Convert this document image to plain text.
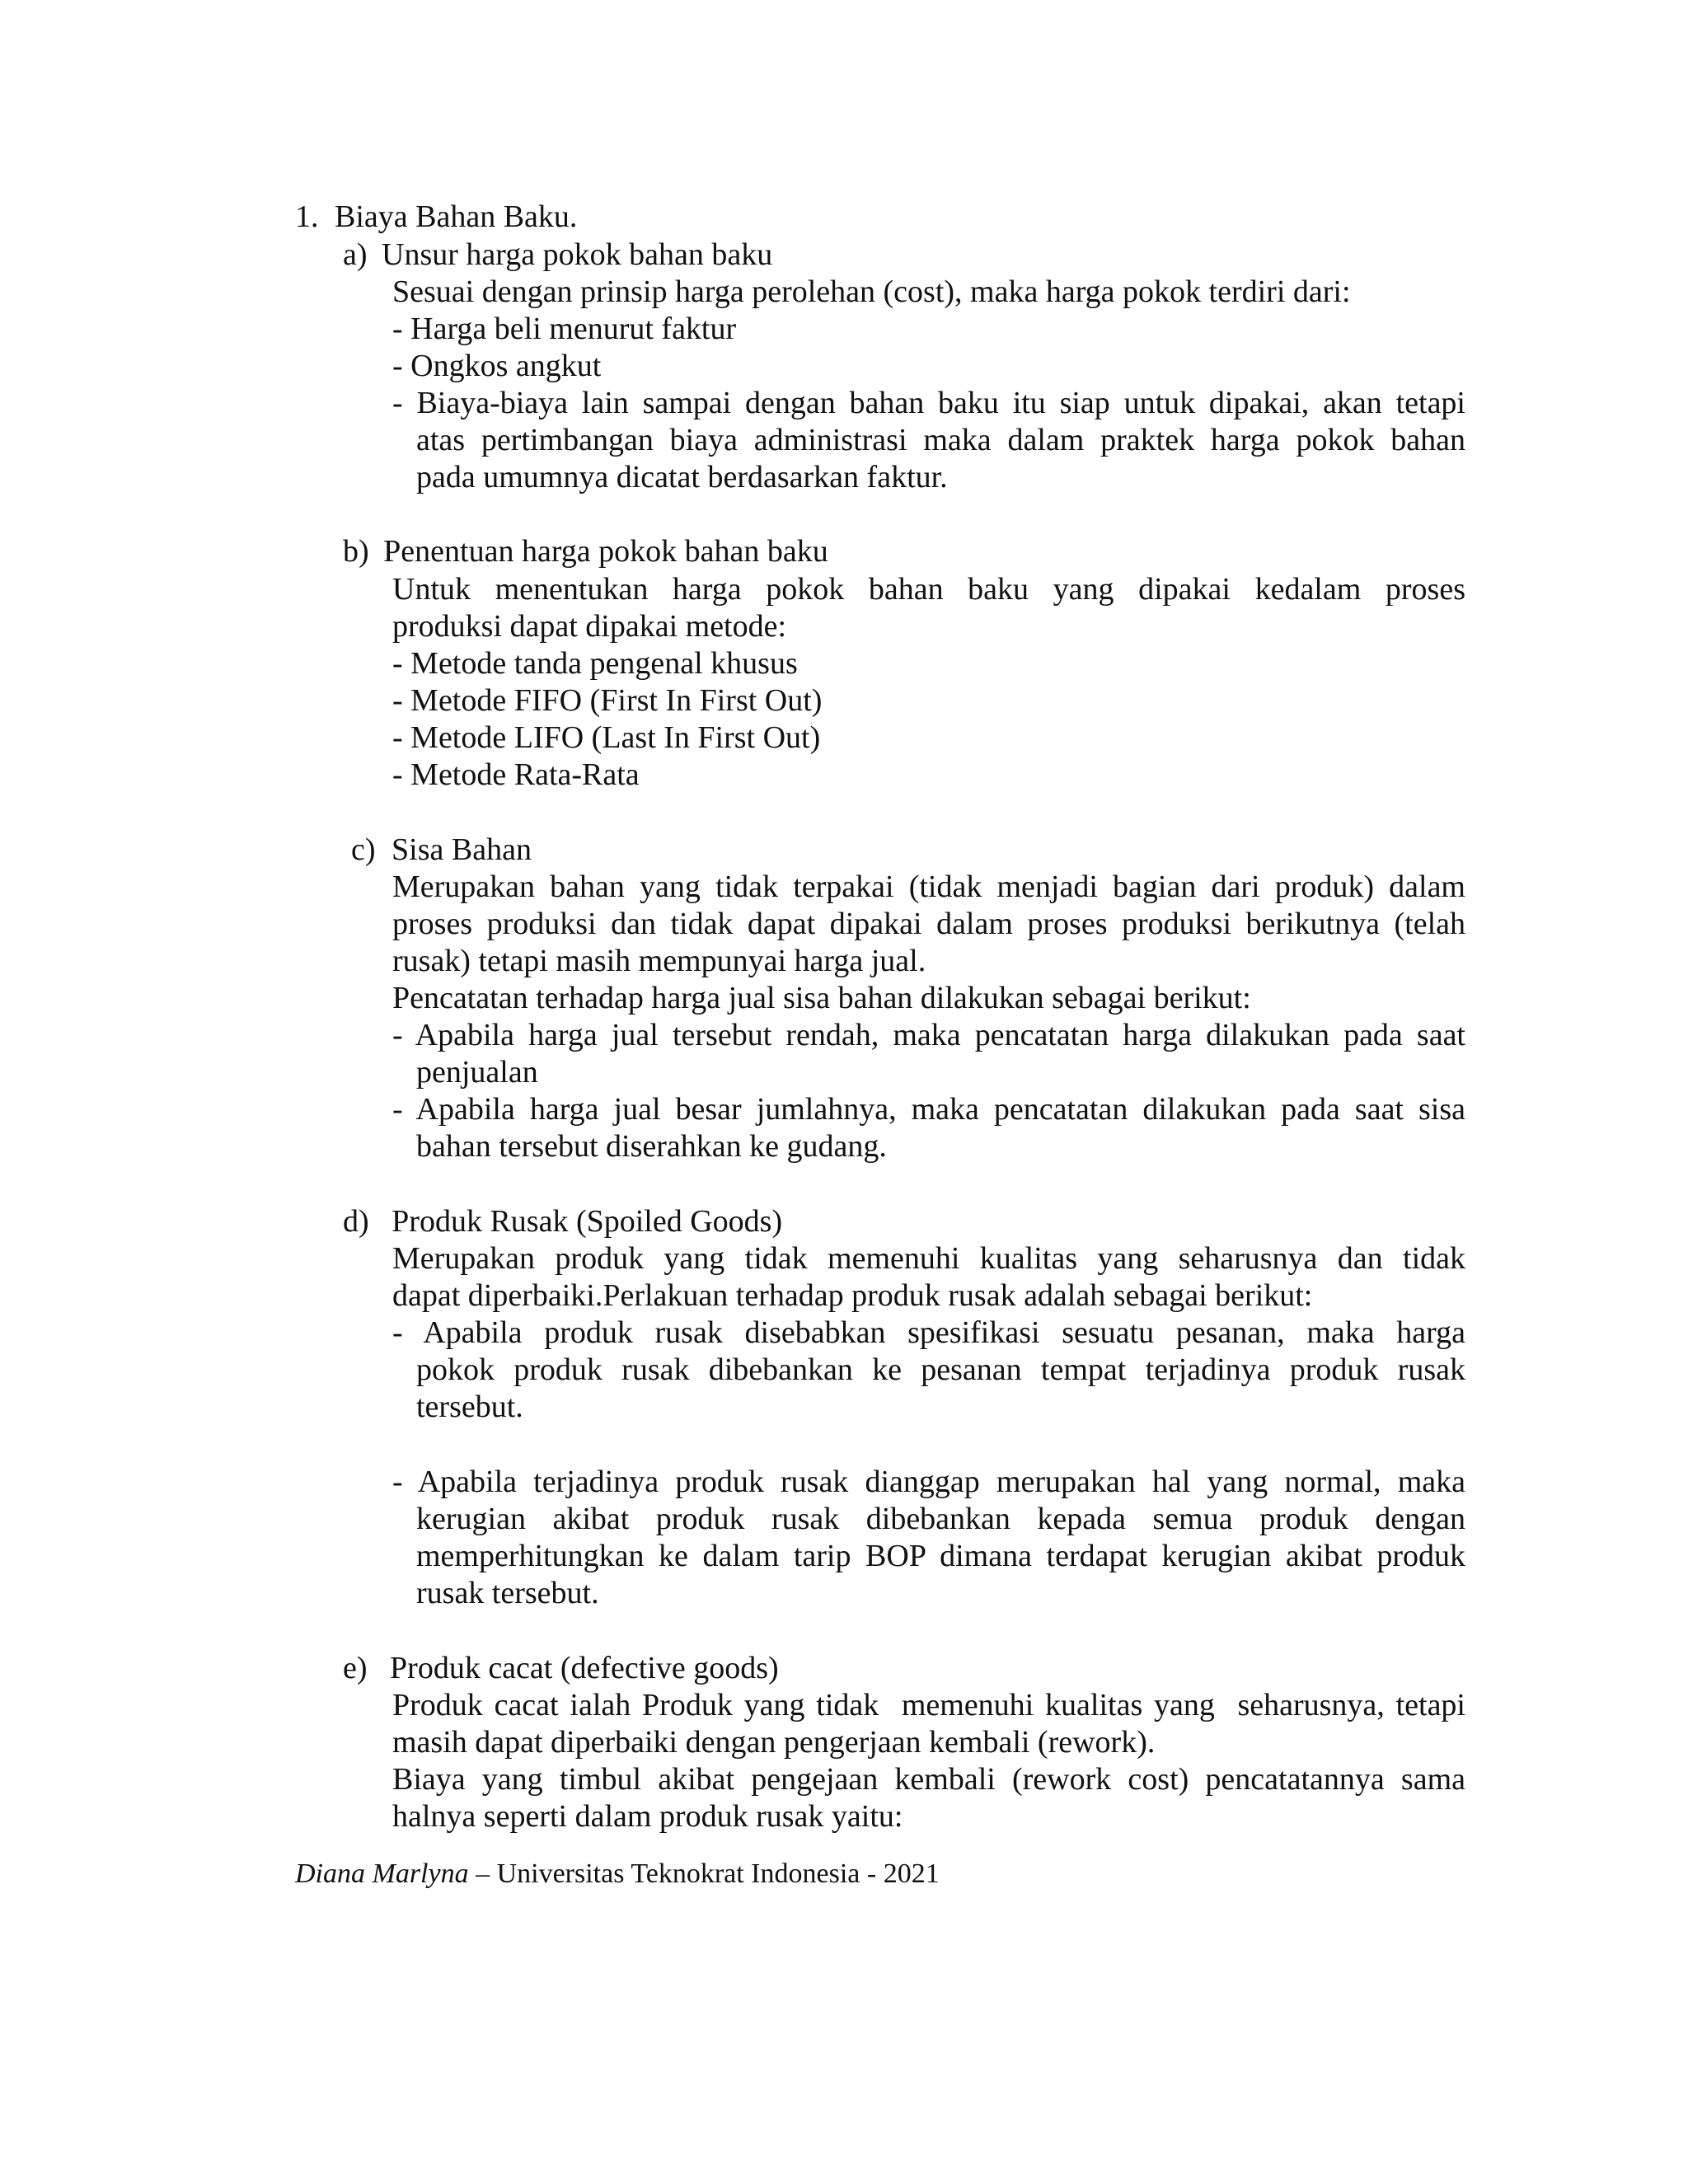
1. Biaya Bahan Baku.
a) Unsur harga pokok bahan baku
Sesuai dengan prinsip harga perolehan (cost), maka harga pokok terdiri dari:
- Harga beli menurut faktur
- Ongkos angkut
- Biaya-biaya lain sampai dengan bahan baku itu siap untuk dipakai, akan tetapi
atas pertimbangan biaya administrasi maka dalam praktek harga pokok bahan
pada umumnya dicatat berdasarkan faktur.
b) Penentuan harga pokok bahan baku
Untuk menentukan harga pokok bahan baku yang dipakai kedalam proses
produksi dapat dipakai metode:
- Metode tanda pengenal khusus
- Metode FIFO (First In First Out)
- Metode LIFO (Last In First Out)
- Metode Rata-Rata
c) Sisa Bahan
Merupakan bahan yang tidak terpakai (tidak menjadi bagian dari produk) dalam
proses produksi dan tidak dapat dipakai dalam proses produksi berikutnya (telah
rusak) tetapi masih mempunyai harga jual.
Pencatatan terhadap harga jual sisa bahan dilakukan sebagai berikut:
- Apabila harga jual tersebut rendah, maka pencatatan harga dilakukan pada saat
penjualan
- Apabila harga jual besar jumlahnya, maka pencatatan dilakukan pada saat sisa
bahan tersebut diserahkan ke gudang.
d) Produk Rusak (Spoiled Goods)
Merupakan produk yang tidak memenuhi kualitas yang seharusnya dan tidak
dapat diperbaiki.Perlakuan terhadap produk rusak adalah sebagai berikut:
- Apabila produk rusak disebabkan spesifikasi sesuatu pesanan, maka harga
pokok produk rusak dibebankan ke pesanan tempat terjadinya produk rusak
tersebut.
- Apabila terjadinya produk rusak dianggap merupakan hal yang normal, maka
kerugian akibat produk rusak dibebankan kepada semua produk dengan
memperhitungkan ke dalam tarip BOP dimana terdapat kerugian akibat produk
rusak tersebut.
e) Produk cacat (defective goods)
Produk cacat ialah Produk yang tidak  memenuhi kualitas yang  seharusnya, tetapi
masih dapat diperbaiki dengan pengerjaan kembali (rework).
Biaya yang timbul akibat pengejaan kembali (rework cost) pencatatannya sama
halnya seperti dalam produk rusak yaitu:
Diana Marlyna – Universitas Teknokrat Indonesia - 2021
